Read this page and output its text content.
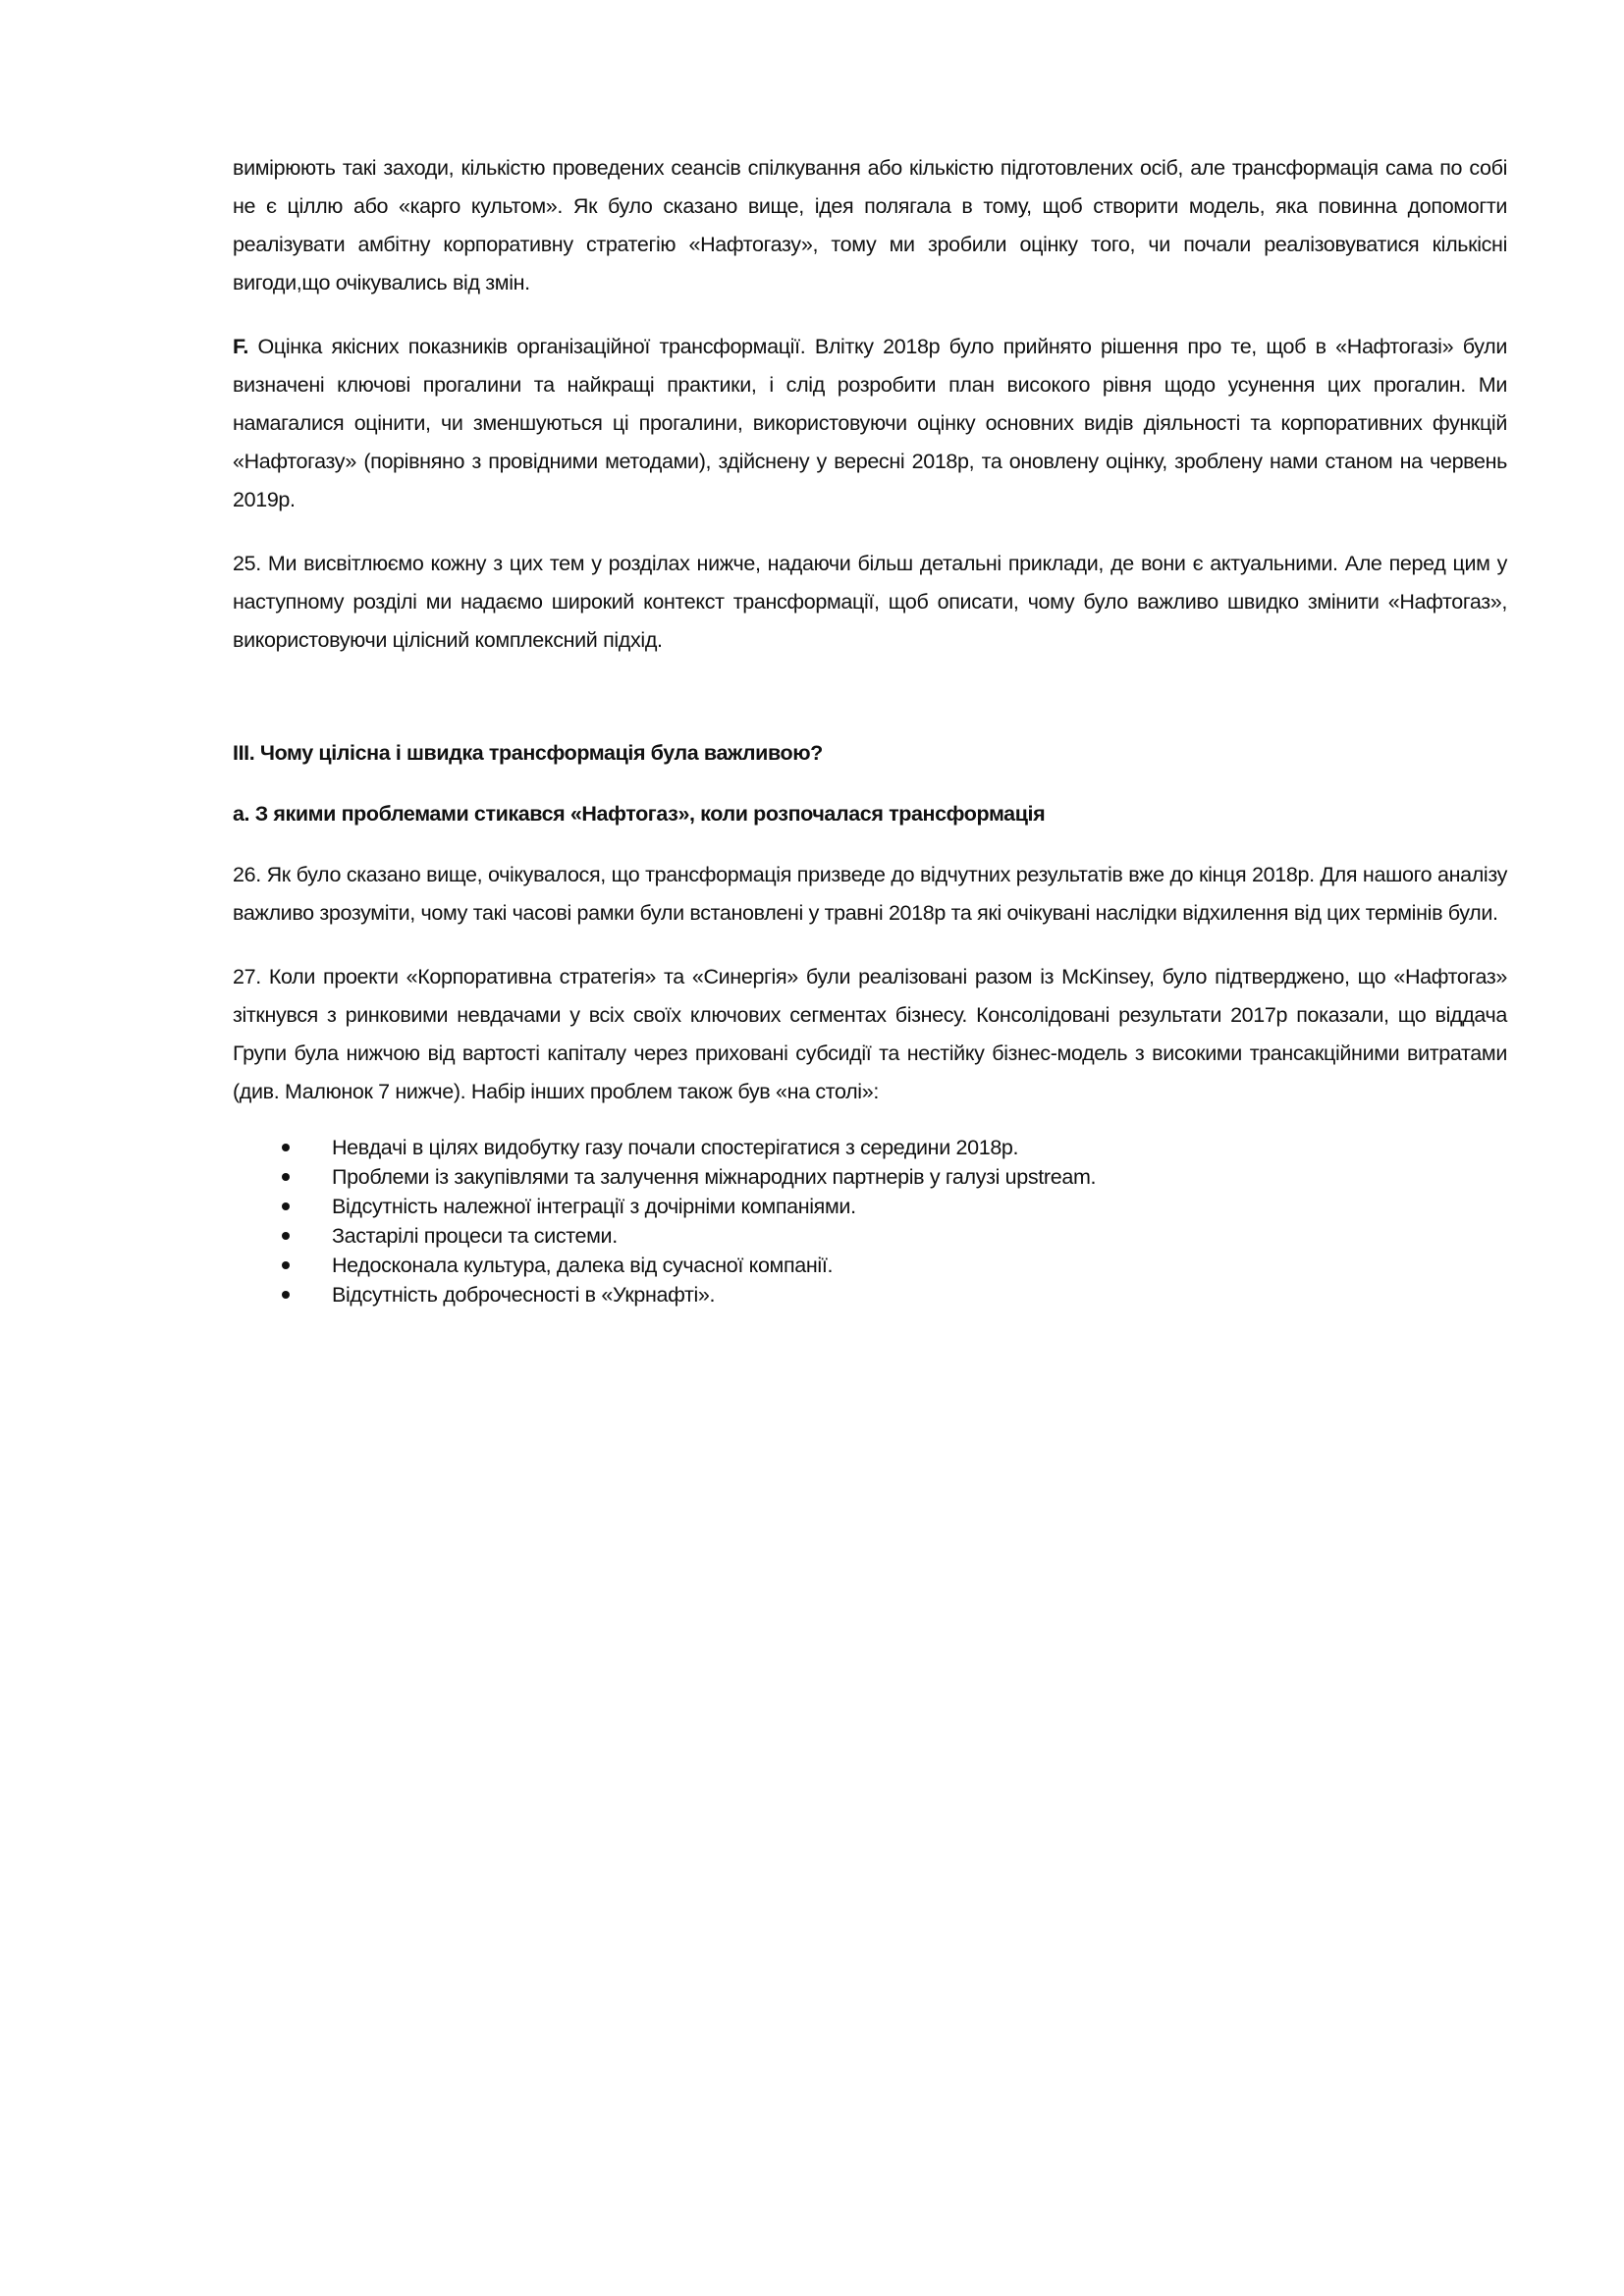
вимірюють такі заходи, кількістю проведених сеансів спілкування або кількістю підготовлених осіб, але трансформація сама по собі не є ціллю або «карго культом». Як було сказано вище, ідея полягала в тому, щоб створити модель, яка повинна допомогти реалізувати амбітну корпоративну стратегію «Нафтогазу», тому ми зробили оцінку того, чи почали реалізовуватися кількісні вигоди,що очікувались від змін.

F. Оцінка якісних показників організаційної трансформації. Влітку 2018р було прийнято рішення про те, щоб в «Нафтогазі» були визначені ключові прогалини та найкращі практики, і слід розробити план високого рівня щодо усунення цих прогалин. Ми намагалися оцінити, чи зменшуються ці прогалини, використовуючи оцінку основних видів діяльності та корпоративних функцій «Нафтогазу» (порівняно з провідними методами), здійснену у вересні 2018р, та оновлену оцінку, зроблену нами станом на червень 2019р.

25. Ми висвітлюємо кожну з цих тем у розділах нижче, надаючи більш детальні приклади, де вони є актуальними. Але перед цим у наступному розділі ми надаємо широкий контекст трансформації, щоб описати, чому було важливо швидко змінити «Нафтогаз», використовуючи цілісний комплексний підхід.

III. Чому цілісна і швидка трансформація була важливою?
a. З якими проблемами стикався «Нафтогаз», коли розпочалася трансформація

26. Як було сказано вище, очікувалося, що трансформація призведе до відчутних результатів вже до кінця 2018р. Для нашого аналізу важливо зрозуміти, чому такі часові рамки були встановлені у травні 2018р та які очікувані наслідки відхилення від цих термінів були.

27. Коли проекти «Корпоративна стратегія» та «Синергія» були реалізовані разом із McKinsey, було підтверджено, що «Нафтогаз» зіткнувся з ринковими невдачами у всіх своїх ключових сегментах бізнесу. Консолідовані результати 2017р показали, що віддача Групи була нижчою від вартості капіталу через приховані субсидії та нестійку бізнес-модель з високими трансакційними витратами (див. Малюнок 7 нижче). Набір інших проблем також був «на столі»:

Невдачі в цілях видобутку газу почали спостерігатися з середини 2018р.
Проблеми із закупівлями та залучення міжнародних партнерів у галузі upstream.
Відсутність належної інтеграції з дочірніми компаніями.
Застарілі процеси та системи.
Недосконала культура, далека від сучасної компанії.
Відсутність доброчесності в «Укрнафті».
